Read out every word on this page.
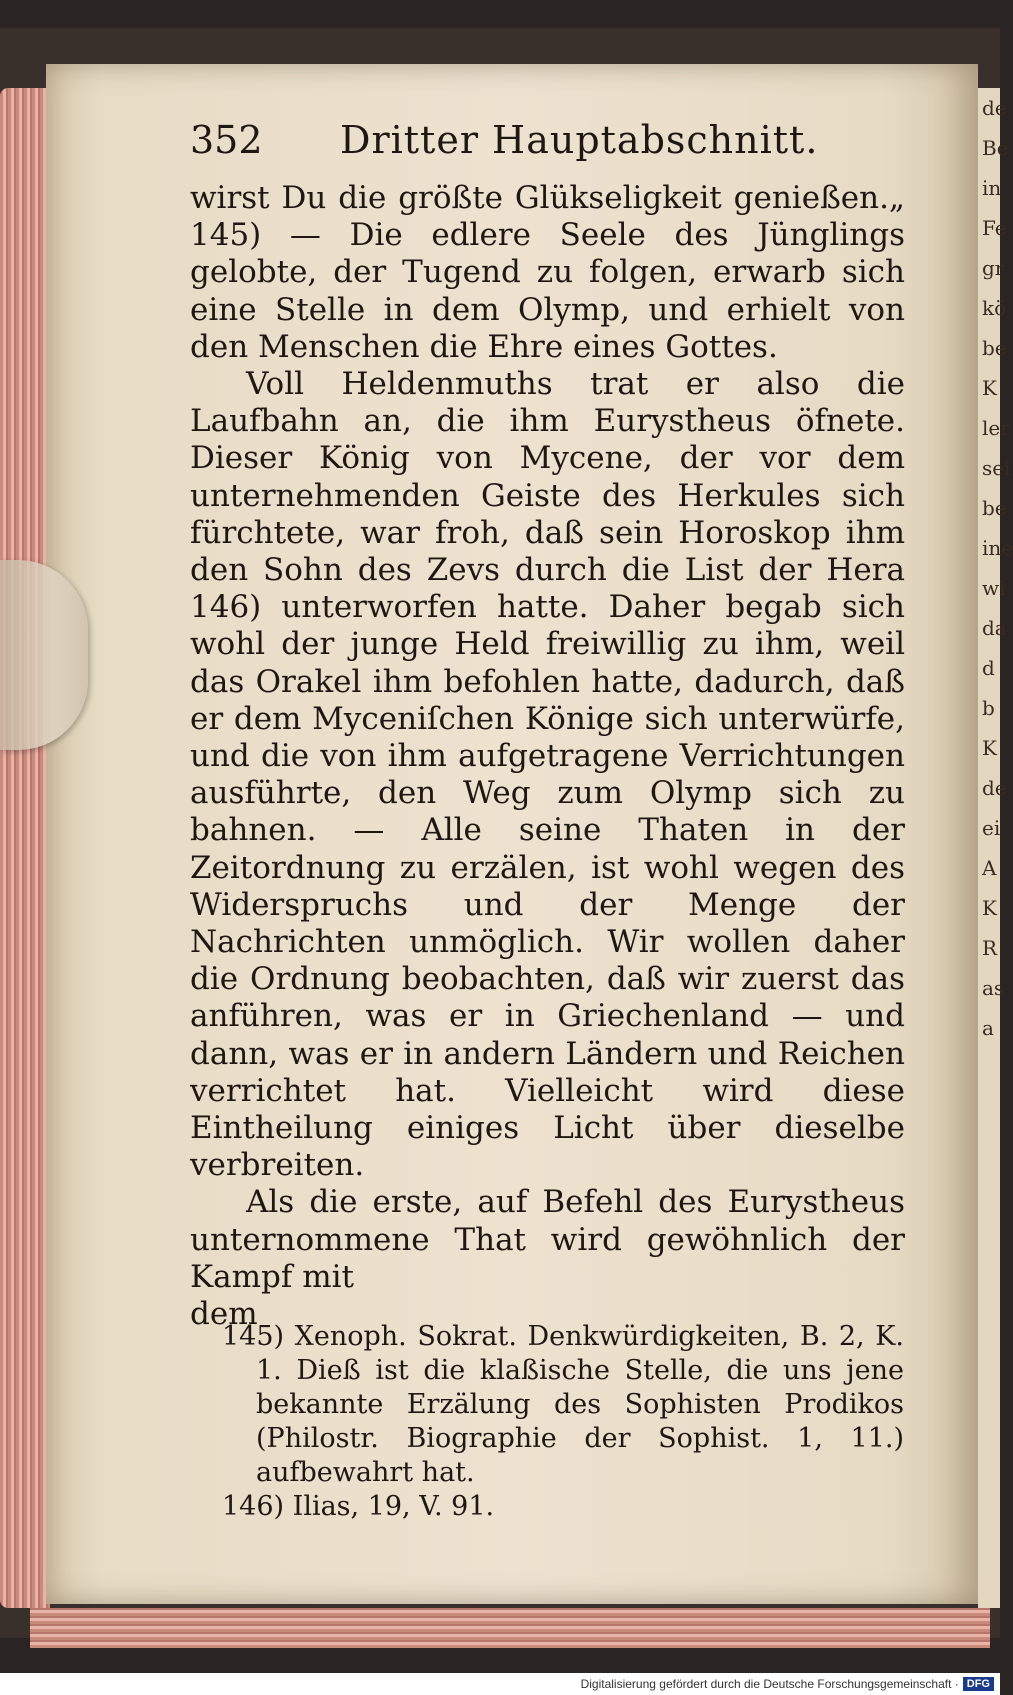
de
Be
in
Fe
gr
kö
be
K
ler
sei
be
ine
wi
da
d
b
K
de
ei
A
K
R
as
a
352	Dritter Hauptabschnitt.

wirst Du die größte Glükseligkeit genießen.„ 145) — Die edlere Seele des Jünglings gelobte, der Tugend zu folgen, erwarb sich eine Stelle in dem Olymp, und erhielt von den Menschen die Ehre eines Gottes.

Voll Heldenmuths trat er also die Laufbahn an, die ihm Eurystheus öfnete. Dieser König von Mycene, der vor dem unternehmenden Geiste des Herkules sich fürchtete, war froh, daß sein Horoskop ihm den Sohn des Zevs durch die List der Hera 146) unterworfen hatte. Daher begab sich wohl der junge Held freiwillig zu ihm, weil das Orakel ihm befohlen hatte, dadurch, daß er dem Myceniſchen Könige sich unterwürfe, und die von ihm aufgetragene Verrichtungen ausführte, den Weg zum Olymp sich zu bahnen. — Alle seine Thaten in der Zeitordnung zu erzälen, ist wohl wegen des Widerspruchs und der Menge der Nachrichten unmöglich. Wir wollen daher die Ordnung beobachten, daß wir zuerst das anführen, was er in Griechenland — und dann, was er in andern Ländern und Reichen verrichtet hat. Vielleicht wird diese Eintheilung einiges Licht über dieselbe verbreiten.

Als die erste, auf Befehl des Eurystheus unternommene That wird gewöhnlich der Kampf mit

dem

145) Xenoph. Sokrat. Denkwürdigkeiten, B. 2, K. 1. Dieß ist die klaßische Stelle, die uns jene bekannte Erzälung des Sophisten Prodikos (Philostr. Biographie der Sophist. 1, 11.) aufbewahrt hat.

146) Ilias, 19, V. 91.

Digitalisierung gefördert durch die Deutsche Forschungsgemeinschaft · DFG
